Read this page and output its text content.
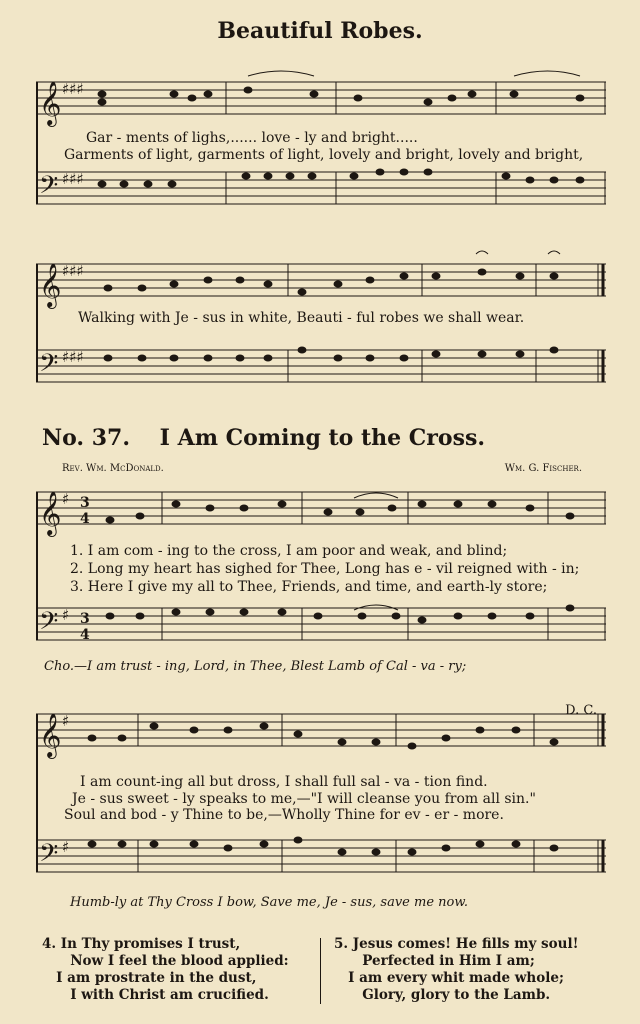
Beautiful Robes.
𝄞
𝄢
♯♯♯
♯♯♯
Gar - ments of lighs,...... love - ly and bright.....
Garments of light, garments of light, lovely and bright, lovely and bright,
𝄞
𝄢
♯♯♯
♯♯♯
Walking with Je - sus in white, Beauti - ful robes we shall wear.
No. 37. I Am Coming to the Cross.
Rev. Wm. McDonald.	Wm. G. Fischer.
𝄞
𝄢
♯
♯
3
4
3
4
1. I am com - ing to the cross, I am poor and weak, and blind;
2. Long my heart has sighed for Thee, Long has e - vil reigned with - in;
3. Here I give my all to Thee, Friends, and time, and earth-ly store;
Cho.—I am trust - ing, Lord, in Thee, Blest Lamb of Cal - va - ry;
𝄞
𝄢
♯
♯
D. C.
I am count-ing all but dross, I shall full sal - va - tion find.
Je - sus sweet - ly speaks to me,—"I will cleanse you from all sin."
Soul and bod - y Thine to be,—Wholly Thine for ev - er - more.
Humb-ly at Thy Cross I bow, Save me, Je - sus, save me now.
4. In Thy promises I trust,
Now I feel the blood applied:
I am prostrate in the dust,
I with Christ am crucified.
5. Jesus comes! He fills my soul!
Perfected in Him I am;
I am every whit made whole;
Glory, glory to the Lamb.
